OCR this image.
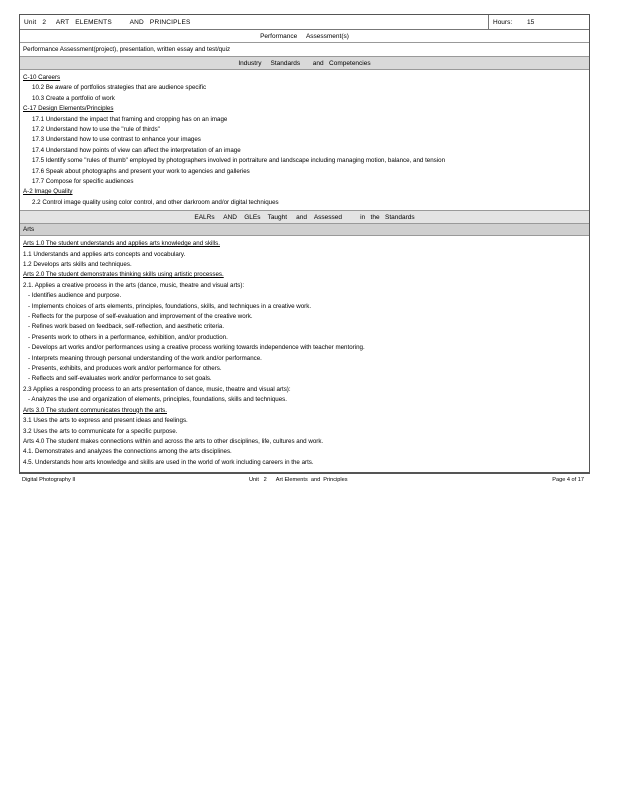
Unit   2     ART   ELEMENTS         AND   PRINCIPLES	Hours: 15
Performance     Assessment(s)
Performance Assessment(project), presentation, written essay and test/quiz
Industry     Standards       and   Competencies
C-10 Careers
10.2 Be aware of portfolios strategies that are audience specific
10.3 Create a portfolio of work
C-17 Design Elements/Principles
17.1 Understand the impact that framing and cropping has on an image
17.2 Understand how to use the "rule of thirds"
17.3 Understand how to use contrast to enhance your images
17.4 Understand how points of view can affect the interpretation of an image
17.5 Identify some "rules of thumb" employed by photographers involved in portraiture and landscape including managing motion, balance, and tension
17.6 Speak about photographs and present your work to agencies and galleries
17.7 Compose for specific audiences
A-2 Image Quality
2.2 Control image quality using color control, and other darkroom and/or digital techniques
EALRs     AND    GLEs    Taught     and    Assessed          in   the   Standards
Arts
Arts 1.0 The student understands and applies arts knowledge and skills.
1.1 Understands and applies arts concepts and vocabulary.
1.2 Develops arts skills and techniques.
Arts 2.0 The student demonstrates thinking skills using artistic processes.
2.1. Applies a creative process in the arts (dance, music, theatre and visual arts):
- Identifies audience and purpose.
- Implements choices of arts elements, principles, foundations, skills, and techniques in a creative work.
- Reflects for the purpose of self-evaluation and improvement of the creative work.
- Refines work based on feedback, self-reflection, and aesthetic criteria.
- Presents work to others in a performance, exhibition, and/or production.
- Develops art works and/or performances using a creative process working towards independence with teacher mentoring.
- Interprets meaning through personal understanding of the work and/or performance.
- Presents, exhibits, and produces work and/or performance for others.
- Reflects and self-evaluates work and/or performance to set goals.
2.3 Applies a responding process to an arts presentation of dance, music, theatre and visual arts):
- Analyzes the use and organization of elements, principles, foundations, skills and techniques.
Arts 3.0 The student communicates through the arts.
3.1 Uses the arts to express and present ideas and feelings.
3.2 Uses the arts to communicate for a specific purpose.
Arts 4.0 The student makes connections within and across the arts to other disciplines, life, cultures and work.
4.1. Demonstrates and analyzes the connections among the arts disciplines.
4.5. Understands how arts knowledge and skills are used in the world of work including careers in the arts.
Digital Photography II	Unit   2      Art Elements  and  Principles	Page 4 of 17
